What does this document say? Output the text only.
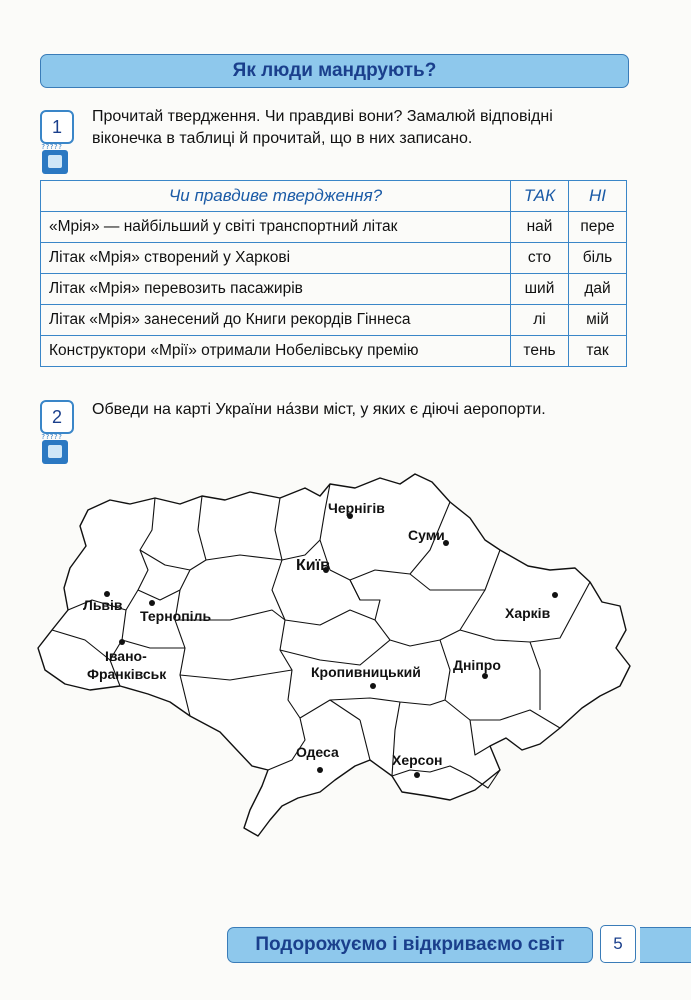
Як люди мандрують?
1
?????
Прочитай твердження. Чи правдиві вони? Замалюй відповідні
віконечка в таблиці й прочитай, що в них записано.
Чи правдиве твердження?	ТАК	НІ
«Мрія» — найбільший у світі транспортний літак	най	пере
Літак «Мрія» створений у Харкові	сто	біль
Літак «Мрія» перевозить пасажирів	ший	дай
Літак «Мрія» занесений до Книги рекордів Гіннеса	лі	мій
Конструктори «Мрії» отримали Нобелівську премію	тень	так
2
?????
Обведи на карті України на́зви міст, у яких є діючі аеропорти.
Чернігів
Суми
Київ
Львів
Тернопіль	Харків
Івано-
Франківськ
Дніпро
Кропивницький
Одеса	Херсон
Подорожуємо і відкриваємо світ	5
